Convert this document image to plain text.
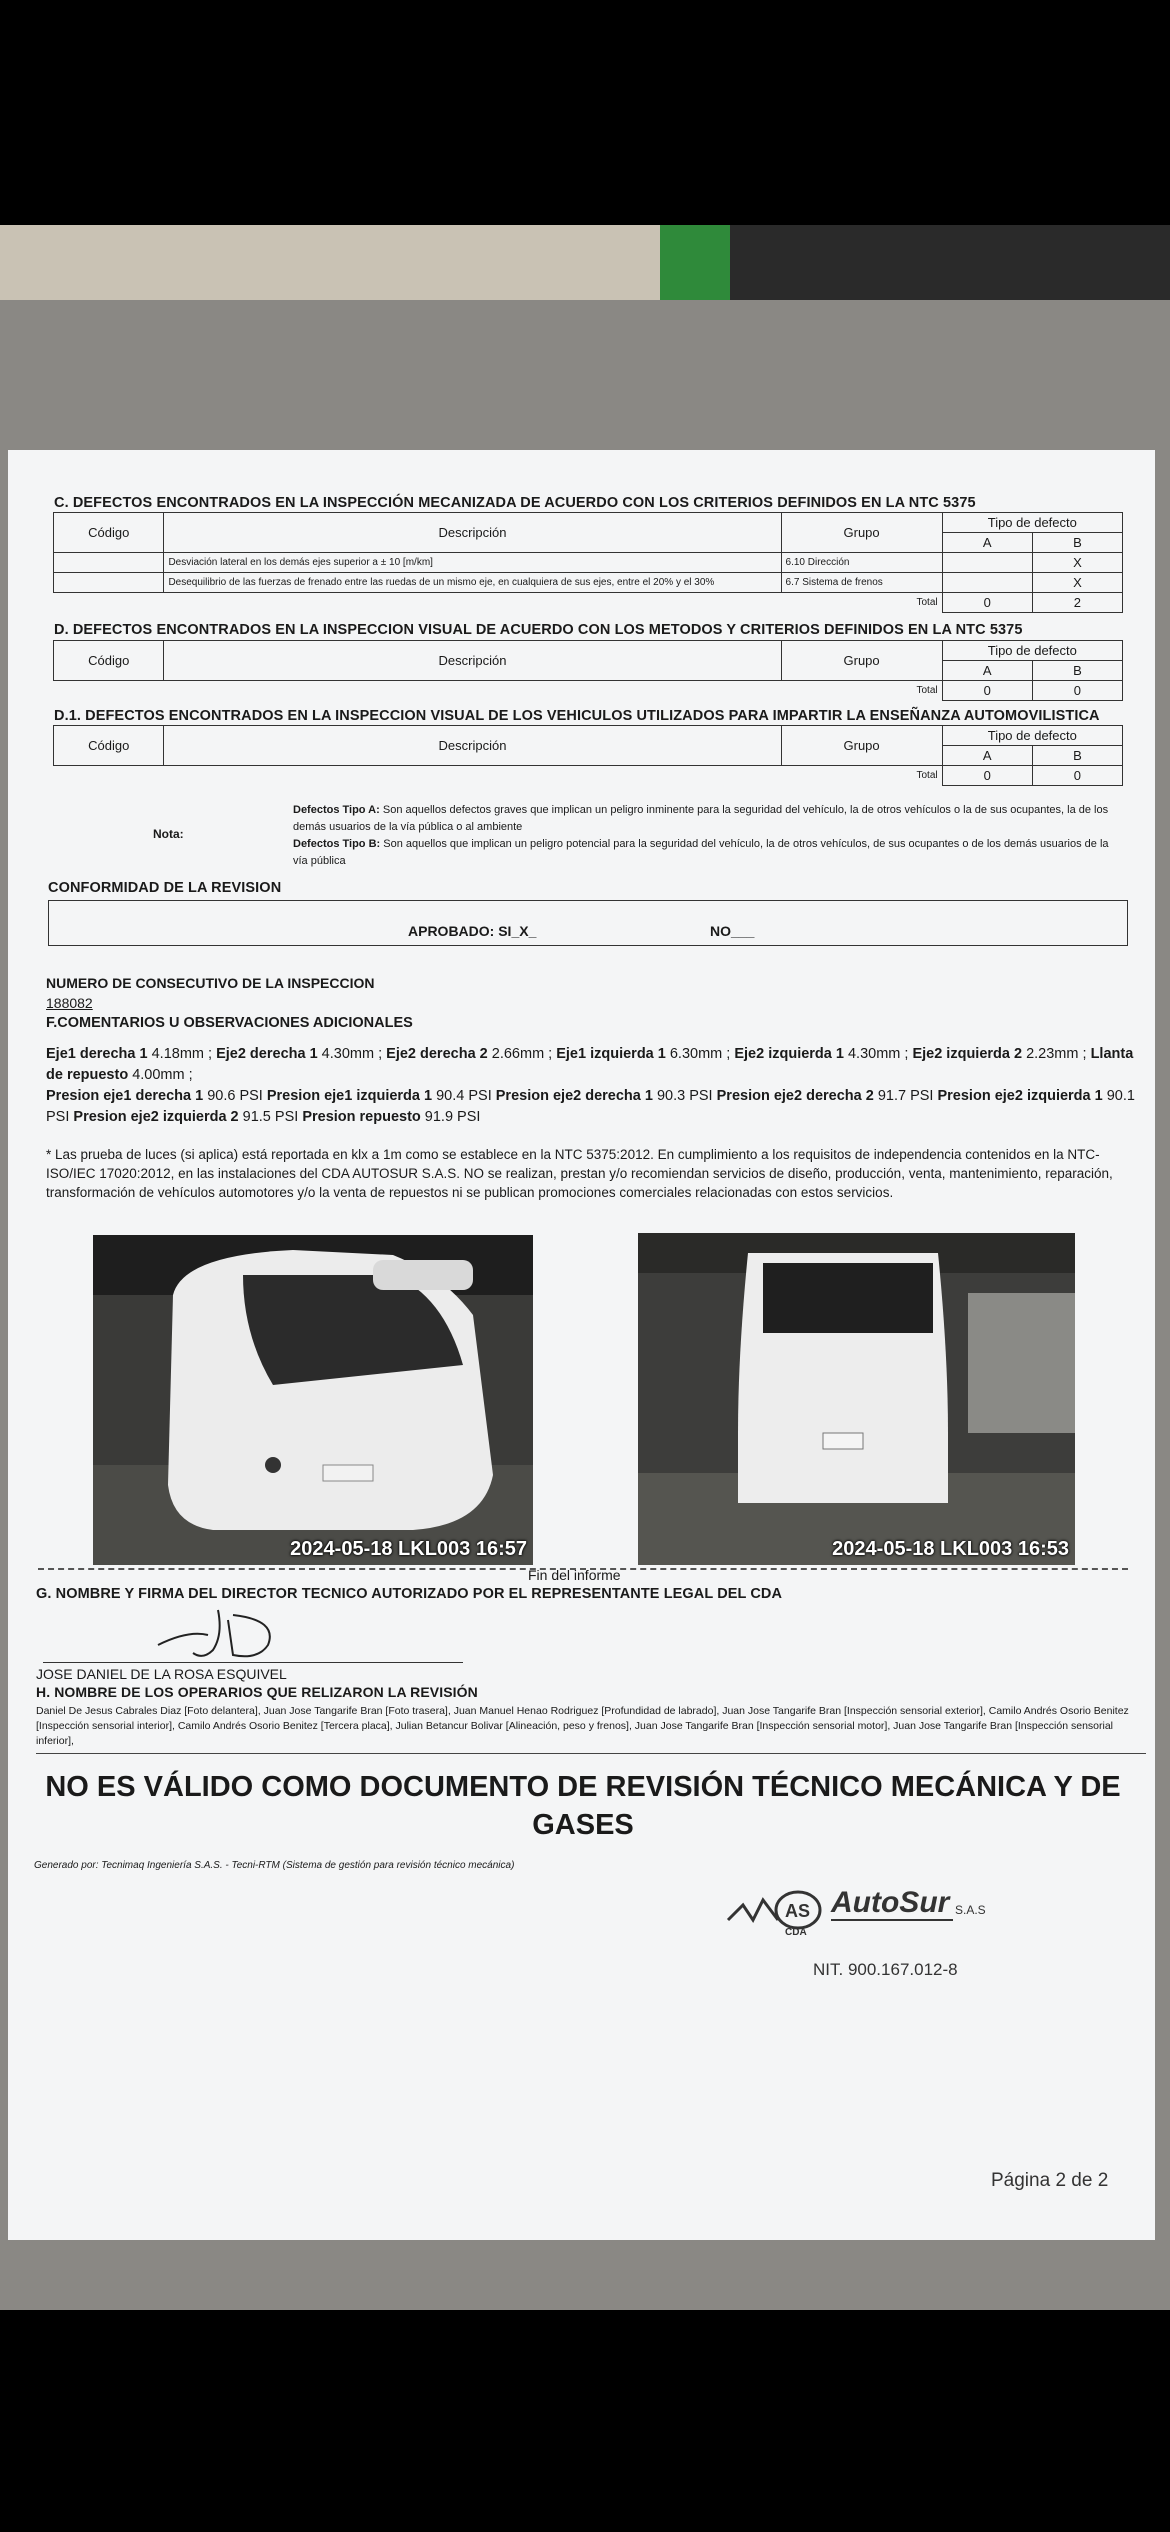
C. DEFECTOS ENCONTRADOS EN LA INSPECCIÓN MECANIZADA DE ACUERDO CON LOS CRITERIOS DEFINIDOS EN LA NTC 5375
Código	Descripción	Grupo	Tipo de defecto	
			A	B
	Desviación lateral en los demás ejes superior a ± 10 [m/km]	6.10 Dirección		X
	Desequilibrio de las fuerzas de frenado entre las ruedas de un mismo eje, en cualquiera de sus ejes, entre el 20% y el 30%	6.7 Sistema de frenos		X
Total			0	2
D. DEFECTOS ENCONTRADOS EN LA INSPECCION VISUAL DE ACUERDO CON LOS METODOS Y CRITERIOS DEFINIDOS EN LA NTC 5375
Código	Descripción	Grupo	Tipo de defecto	
			A	B
Total			0	0
D.1. DEFECTOS ENCONTRADOS EN LA INSPECCION VISUAL DE LOS VEHICULOS UTILIZADOS PARA IMPARTIR LA ENSEÑANZA AUTOMOVILISTICA
Código	Descripción	Grupo	Tipo de defecto	
			A	B
Total			0	0
Nota:
Defectos Tipo A: Son aquellos defectos graves que implican un peligro inminente para la seguridad del vehículo, la de otros vehículos o la de sus ocupantes, la de los demás usuarios de la vía pública o al ambiente
Defectos Tipo B: Son aquellos que implican un peligro potencial para la seguridad del vehículo, la de otros vehículos, de sus ocupantes o de los demás usuarios de la vía pública
CONFORMIDAD DE LA REVISION
APROBADO: SI_X_	NO___
NUMERO DE CONSECUTIVO DE LA INSPECCION
188082
F.COMENTARIOS U OBSERVACIONES ADICIONALES
Eje1 derecha 1 4.18mm ; Eje2 derecha 1 4.30mm ; Eje2 derecha 2 2.66mm ; Eje1 izquierda 1 6.30mm ; Eje2 izquierda 1 4.30mm ; Eje2 izquierda 2 2.23mm ; Llanta de repuesto 4.00mm ;
Presion eje1 derecha 1 90.6 PSI Presion eje1 izquierda 1 90.4 PSI Presion eje2 derecha 1 90.3 PSI Presion eje2 derecha 2 91.7 PSI Presion eje2 izquierda 1 90.1 PSI Presion eje2 izquierda 2 91.5 PSI Presion repuesto 91.9 PSI
* Las prueba de luces (si aplica) está reportada en klx a 1m como se establece en la NTC 5375:2012. En cumplimiento a los requisitos de independencia contenidos en la NTC-ISO/IEC 17020:2012, en las instalaciones del CDA AUTOSUR S.A.S. NO se realizan, prestan y/o recomiendan servicios de diseño, producción, venta, mantenimiento, reparación, transformación de vehículos automotores y/o la venta de repuestos ni se publican promociones comerciales relacionadas con estos servicios.
2024-05-18 LKL003 16:57	2024-05-18 LKL003 16:53
Fin del informe
G. NOMBRE Y FIRMA DEL DIRECTOR TECNICO AUTORIZADO POR EL REPRESENTANTE LEGAL DEL CDA
JOSE DANIEL DE LA ROSA ESQUIVEL
H. NOMBRE DE LOS OPERARIOS QUE RELIZARON LA REVISIÓN
Daniel De Jesus Cabrales Diaz [Foto delantera], Juan Jose Tangarife Bran [Foto trasera], Juan Manuel Henao Rodriguez [Profundidad de labrado], Juan Jose Tangarife Bran [Inspección sensorial exterior], Camilo Andrés Osorio Benitez [Inspección sensorial interior], Camilo Andrés Osorio Benitez [Tercera placa], Julian Betancur Bolivar [Alineación, peso y frenos], Juan Jose Tangarife Bran [Inspección sensorial motor], Juan Jose Tangarife Bran [Inspección sensorial inferior],
NO ES VÁLIDO COMO DOCUMENTO DE REVISIÓN TÉCNICO MECÁNICA Y DE GASES
Generado por: Tecnimaq Ingeniería S.A.S. - Tecni-RTM (Sistema de gestión para revisión técnico mecánica)
AS AutoSur S.A.S
CDA
NIT. 900.167.012-8
Página 2 de 2
